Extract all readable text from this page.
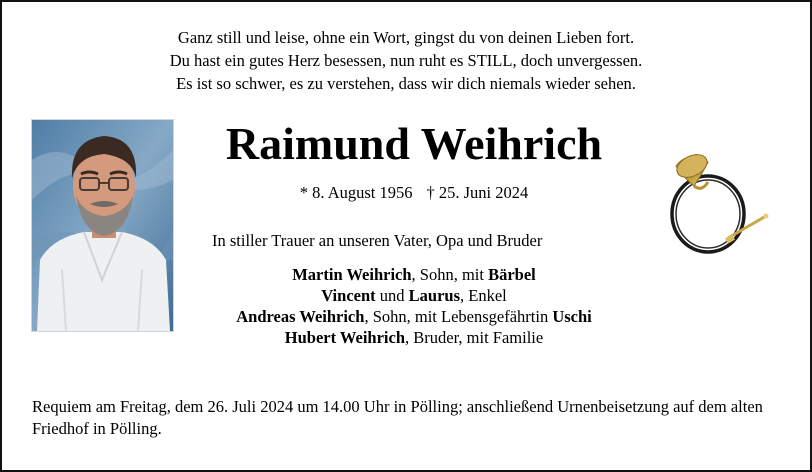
Ganz still und leise, ohne ein Wort, gingst du von deinen Lieben fort.
Du hast ein gutes Herz besessen, nun ruht es STILL, doch unvergessen.
Es ist so schwer, es zu verstehen, dass wir dich niemals wieder sehen.
Raimund Weihrich
* 8. August 1956 † 25. Juni 2024
In stiller Trauer an unseren Vater, Opa und Bruder
Martin Weihrich, Sohn, mit Bärbel
Vincent und Laurus, Enkel
Andreas Weihrich, Sohn, mit Lebensgefährtin Uschi
Hubert Weihrich, Bruder, mit Familie
Requiem am Freitag, dem 26. Juli 2024 um 14.00 Uhr in Pölling; anschließend Urnenbeisetzung auf dem alten Friedhof in Pölling.
